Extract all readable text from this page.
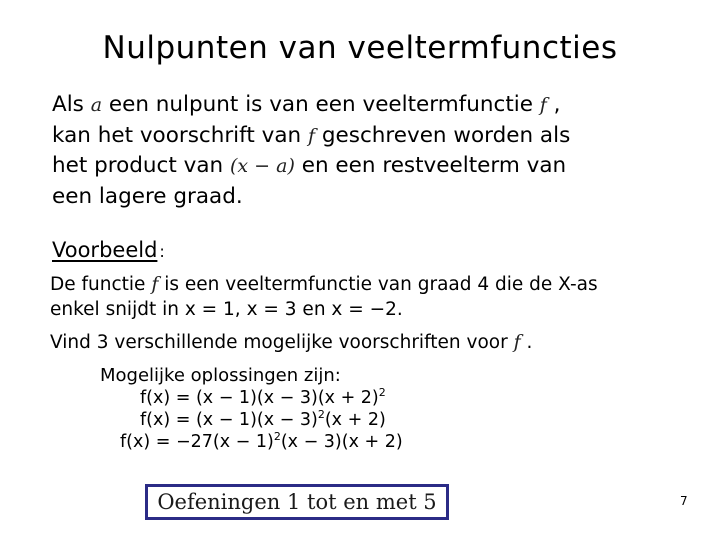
Nulpunten van veeltermfuncties
Als a een nulpunt is van een veeltermfunctie f ,
kan het voorschrift van f geschreven worden als
het product van (x − a) en een restveelterm van
een lagere graad.
Voorbeeld :
De functie f is een veeltermfunctie van graad 4 die de X-as
enkel snijdt in x = 1, x = 3 en x = −2.
Vind 3 verschillende mogelijke voorschriften voor f .
Mogelijke oplossingen zijn:
$f(x) = (x - 1)(x - 3)(x + 2)^2$
$f(x) = (x - 1)(x - 3)^2(x + 2)$
$f(x) = -27(x - 1)^2(x - 3)(x + 2)$
Oefeningen 1 tot en met 5	7
